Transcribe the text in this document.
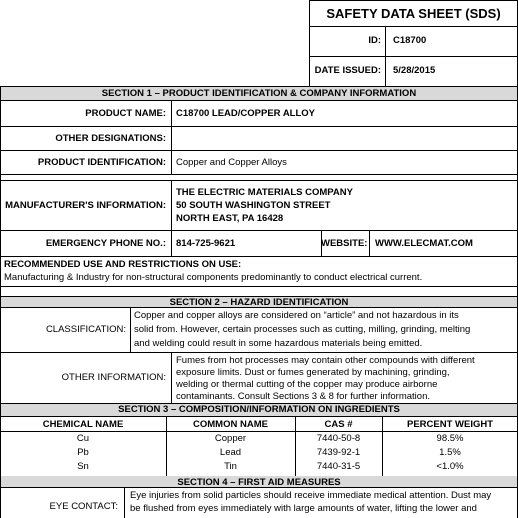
SAFETY DATA SHEET (SDS)
ID: C18700
DATE ISSUED: 5/28/2015
SECTION 1 – PRODUCT IDENTIFICATION & COMPANY INFORMATION
PRODUCT NAME: C18700 LEAD/COPPER ALLOY
OTHER DESIGNATIONS:
PRODUCT IDENTIFICATION: Copper and Copper Alloys
MANUFACTURER'S INFORMATION:
THE ELECTRIC MATERIALS COMPANY
50 SOUTH WASHINGTON STREET
NORTH EAST, PA 16428
EMERGENCY PHONE NO.: 814-725-9621	WEBSITE: WWW.ELECMAT.COM
RECOMMENDED USE AND RESTRICTIONS ON USE:
Manufacturing & Industry for non-structural components predominantly to conduct electrical current.
SECTION 2 – HAZARD IDENTIFICATION
CLASSIFICATION:
Copper and copper alloys are considered on “article” and not hazardous in its
solid from. However, certain processes such as cutting, milling, grinding, melting
and welding could result in some hazardous materials being emitted.
OTHER INFORMATION:
Fumes from hot processes may contain other compounds with different
exposure limits. Dust or fumes generated by machining, grinding,
welding or thermal cutting of the copper may produce airborne
contaminants. Consult Sections 3 & 8 for further information.
SECTION 3 – COMPOSITION/INFORMATION ON INGREDIENTS
CHEMICAL NAME	COMMON NAME	CAS #	PERCENT WEIGHT
Cu	Copper	7440-50-8	98.5%
Pb	Lead	7439-92-1	1.5%
Sn	Tin	7440-31-5	<1.0%
SECTION 4 – FIRST AID MEASURES
EYE CONTACT:
Eye injuries from solid particles should receive immediate medical attention. Dust may
be flushed from eyes immediately with large amounts of water, lifting the lower and
